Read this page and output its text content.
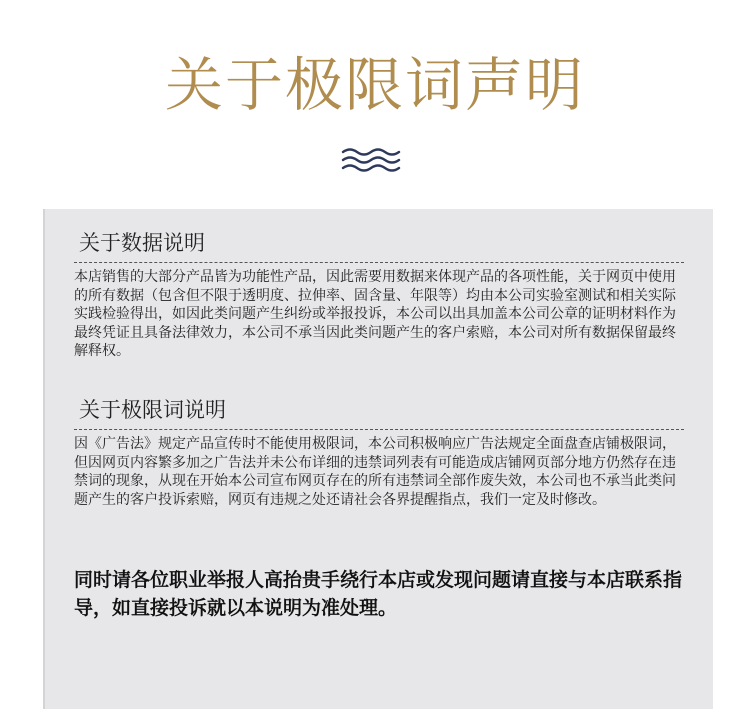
关于极限词声明
关于数据说明

本店销售的大部分产品皆为功能性产品，因此需要用数据来体现产品的各项性能，关于网页中使用的所有数据（包含但不限于透明度、拉伸率、固含量、年限等）均由本公司实验室测试和相关实际实践检验得出，如因此类问题产生纠纷或举报投诉，本公司以出具加盖本公司公章的证明材料作为最终凭证且具备法律效力，本公司不承当因此类问题产生的客户索赔，本公司对所有数据保留最终解释权。

关于极限词说明

因《广告法》规定产品宣传时不能使用极限词，本公司积极响应广告法规定全面盘查店铺极限词，但因网页内容繁多加之广告法并未公布详细的违禁词列表有可能造成店铺网页部分地方仍然存在违禁词的现象，从现在开始本公司宣布网页存在的所有违禁词全部作废失效，本公司也不承当此类问题产生的客户投诉索赔，网页有违规之处还请社会各界提醒指点，我们一定及时修改。

同时请各位职业举报人高抬贵手绕行本店或发现问题请直接与本店联系指导，如直接投诉就以本说明为准处理。
